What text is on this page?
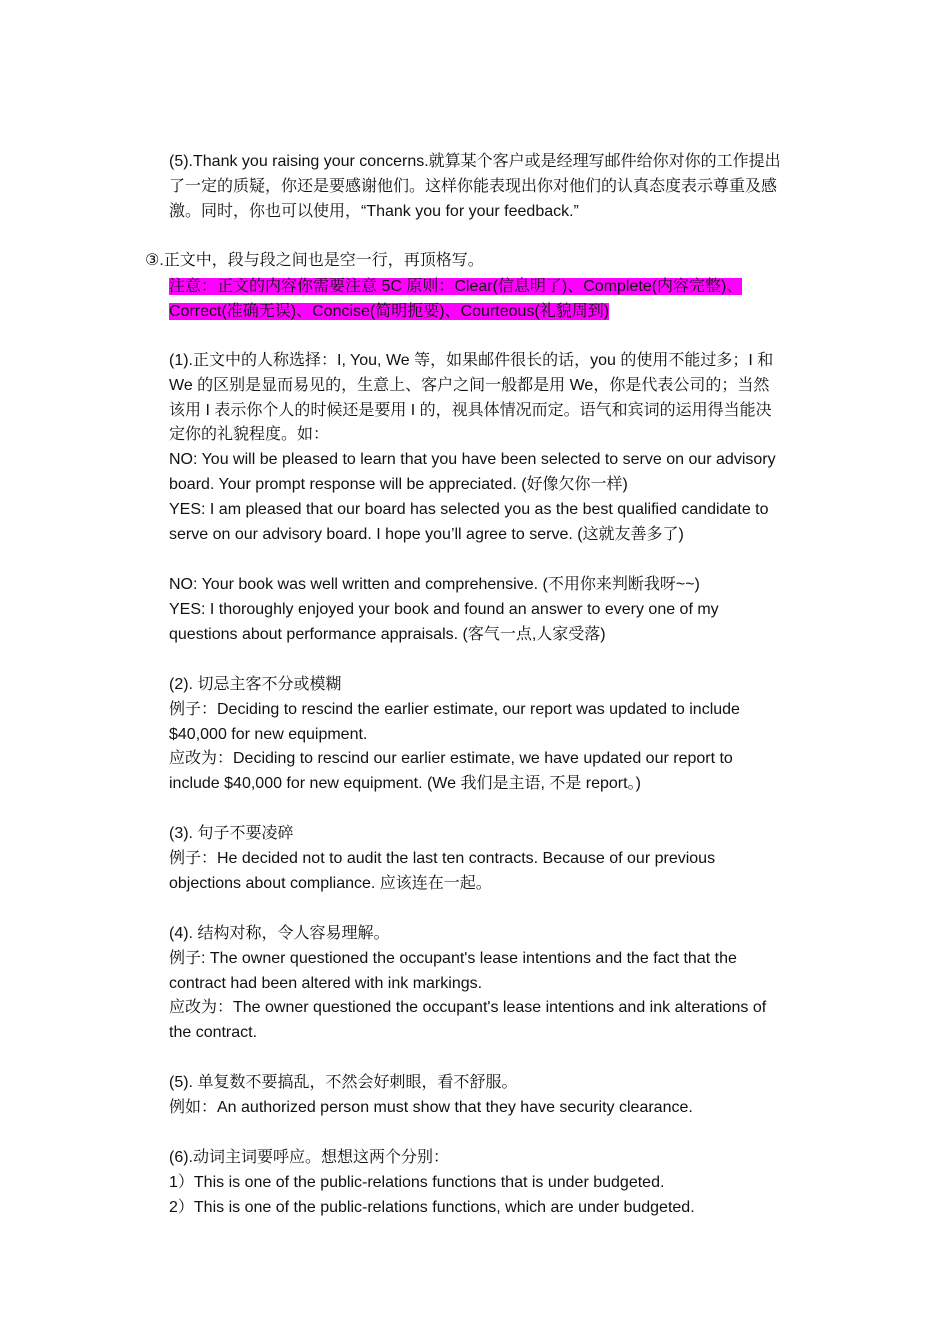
(5).Thank you raising your concerns.就算某个客户或是经理写邮件给你对你的工作提出
了一定的质疑，你还是要感谢他们。这样你能表现出你对他们的认真态度表示尊重及感
激。同时，你也可以使用，“Thank you for your feedback.”
③.正文中，段与段之间也是空一行，再顶格写。
注意：正文的内容你需要注意 5C 原则：Clear(信息明了)、Complete(内容完整)、
Correct(准确无误)、Concise(简明扼要)、Courteous(礼貌周到)
(1).正文中的人称选择：I, You, We 等，如果邮件很长的话，you 的使用不能过多；I 和
We 的区别是显而易见的，生意上、客户之间一般都是用 We，你是代表公司的；当然
该用 I 表示你个人的时候还是要用 I 的，视具体情况而定。语气和宾词的运用得当能决
定你的礼貌程度。如：
NO: You will be pleased to learn that you have been selected to serve on our advisory
board. Your prompt response will be appreciated. (好像欠你一样)
YES: I am pleased that our board has selected you as the best qualified candidate to
serve on our advisory board. I hope you’ll agree to serve. (这就友善多了)
NO: Your book was well written and comprehensive. (不用你来判断我呀~~)
YES: I thoroughly enjoyed your book and found an answer to every one of my
questions about performance appraisals. (客气一点,人家受落)
(2). 切忌主客不分或模糊
例子：Deciding to rescind the earlier estimate, our report was updated to include
$40,000 for new equipment.
应改为：Deciding to rescind our earlier estimate, we have updated our report to
include $40,000 for new equipment. (We 我们是主语, 不是 report。)
(3). 句子不要凌碎
例子：He decided not to audit the last ten contracts. Because of our previous
objections about compliance. 应该连在一起。
(4). 结构对称，令人容易理解。
例子: The owner questioned the occupant's lease intentions and the fact that the
contract had been altered with ink markings.
应改为：The owner questioned the occupant's lease intentions and ink alterations of
the contract.
(5). 单复数不要搞乱，不然会好刺眼，看不舒服。
例如：An authorized person must show that they have security clearance.
(6).动词主词要呼应。想想这两个分别：
1）This is one of the public-relations functions that is under budgeted.
2）This is one of the public-relations functions, which are under budgeted.
